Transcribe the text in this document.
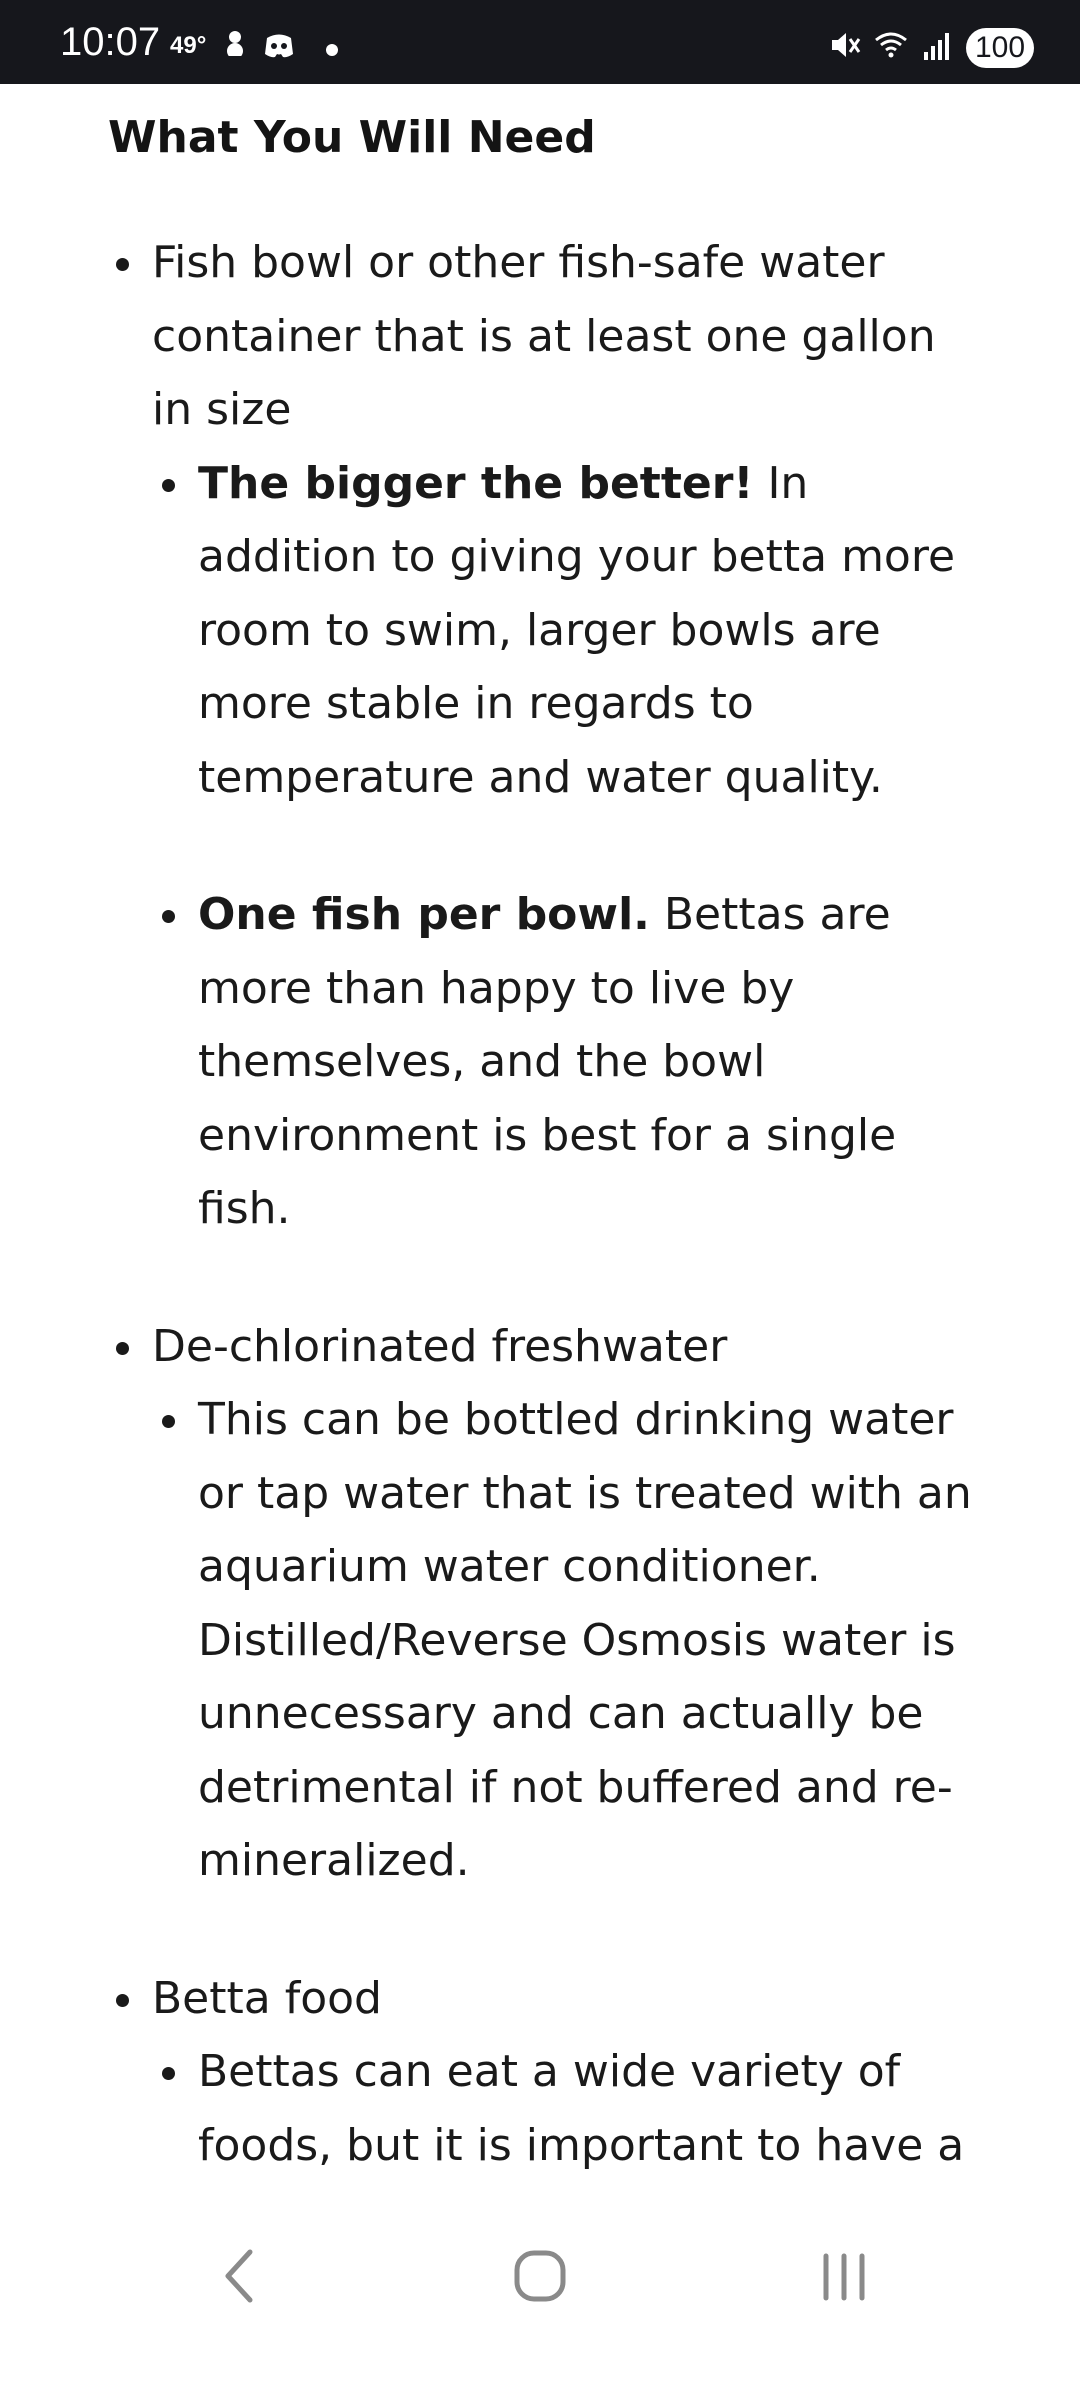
10:07 49°	100
What You Will Need
Fish bowl or other fish-safe water container that is at least one gallon in size
The bigger the better! In addition to giving your betta more room to swim, larger bowls are more stable in regards to temperature and water quality.
One fish per bowl. Bettas are more than happy to live by themselves, and the bowl environment is best for a single fish.
De-chlorinated freshwater
This can be bottled drinking water or tap water that is treated with an aquarium water conditioner. Distilled/Reverse Osmosis water is unnecessary and can actually be detrimental if not buffered and re-mineralized.
Betta food
Bettas can eat a wide variety of foods, but it is important to have a
